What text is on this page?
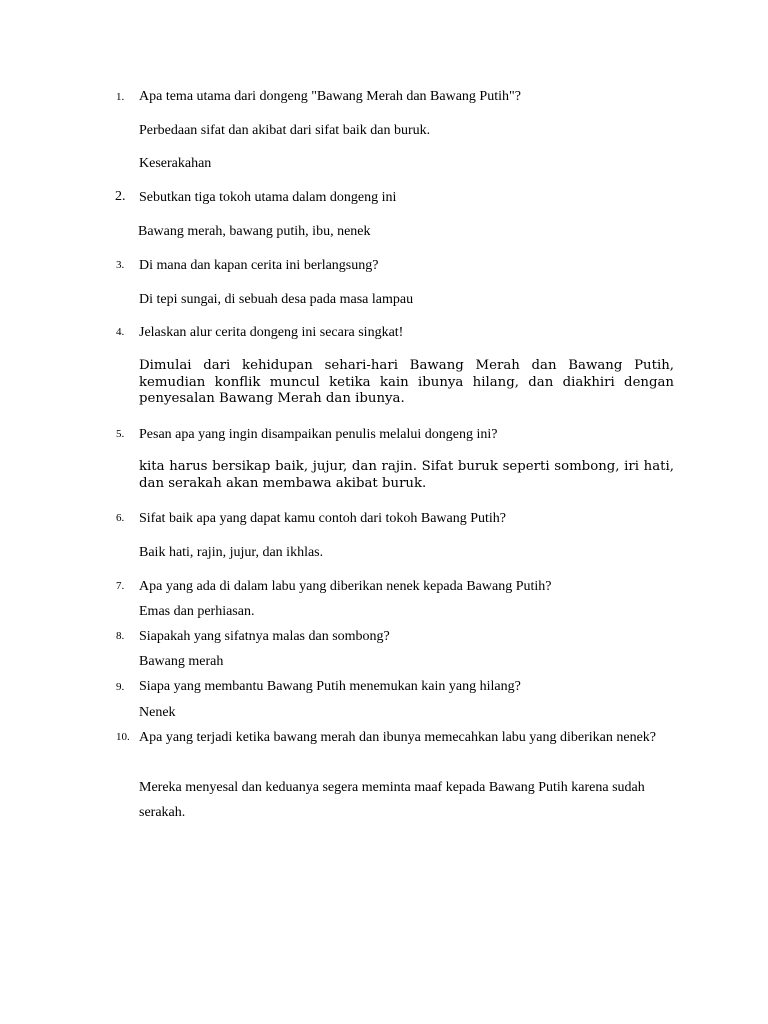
1. Apa tema utama dari dongeng "Bawang Merah dan Bawang Putih"?
Perbedaan sifat dan akibat dari sifat baik dan buruk.
Keserakahan
2. Sebutkan tiga tokoh utama dalam dongeng ini
Bawang merah, bawang putih, ibu, nenek
3. Di mana dan kapan cerita ini berlangsung?
Di tepi sungai, di sebuah desa pada masa lampau
4. Jelaskan alur cerita dongeng ini secara singkat!
Dimulai dari kehidupan sehari-hari Bawang Merah dan Bawang Putih, kemudian konflik muncul ketika kain ibunya hilang, dan diakhiri dengan penyesalan Bawang Merah dan ibunya.
5. Pesan apa yang ingin disampaikan penulis melalui dongeng ini?
kita harus bersikap baik, jujur, dan rajin. Sifat buruk seperti sombong, iri hati, dan serakah akan membawa akibat buruk.
6. Sifat baik apa yang dapat kamu contoh dari tokoh Bawang Putih?
Baik hati, rajin, jujur, dan ikhlas.
7. Apa yang ada di dalam labu yang diberikan nenek kepada Bawang Putih?
Emas dan perhiasan.
8. Siapakah yang sifatnya malas dan sombong?
Bawang merah
9. Siapa yang membantu Bawang Putih menemukan kain yang hilang?
Nenek
10. Apa yang terjadi ketika bawang merah dan ibunya memecahkan labu yang diberikan nenek?
Mereka menyesal dan keduanya segera meminta maaf kepada Bawang Putih karena sudah serakah.
